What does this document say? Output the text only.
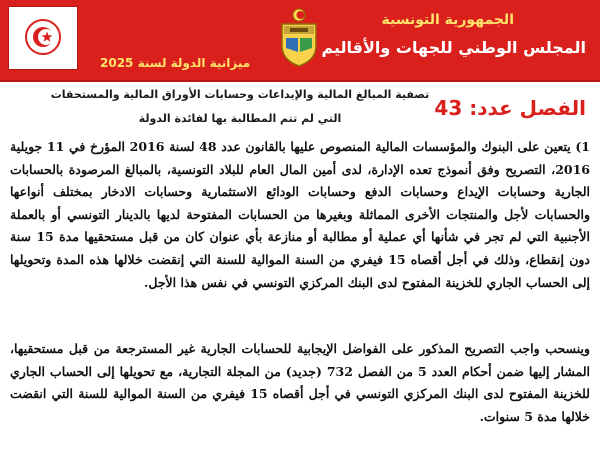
الجمهورية التونسية
المجلس الوطني للجهات والأقاليم
ميزانية الدولة لسنة 2025
الفصل عدد: 43
تصفية المبالغ المالية والإيداعات وحسابات الأوراق المالية والمستحقات
التي لم تتم المطالبة بها لفائدة الدولة

1) يتعين على البنوك والمؤسسات المالية المنصوص عليها بالقانون عدد 48 لسنة 2016 المؤرخ في 11 جويلية 2016، التصريح وفق أنموذج تعده الإدارة، لدى أمين المال العام للبلاد التونسية، بالمبالغ المرصودة بالحسابات الجارية وحسابات الإيداع وحسابات الدفع وحسابات الودائع الاستثمارية وحسابات الادخار بمختلف أنواعها والحسابات لأجل والمنتجات الأخرى المماثلة وبغيرها من الحسابات المفتوحة لديها بالدينار التونسي أو بالعملة الأجنبية التي لم تجر في شأنها أي عملية أو مطالبة أو منازعة بأي عنوان كان من قبل مستحقيها مدة 15 سنة دون إنقطاع، وذلك في أجل أقصاه 15 فيفري من السنة الموالية للسنة التي إنقضت خلالها هذه المدة وتحويلها إلى الحساب الجاري للخزينة المفتوح لدى البنك المركزي التونسي في نفس هذا الأجل.

وينسحب واجب التصريح المذكور على الفواضل الإيجابية للحسابات الجارية غير المسترجعة من قبل مستحقيها، المشار إليها ضمن أحكام العدد 5 من الفصل 732 (جديد) من المجلة التجارية، مع تحويلها إلى الحساب الجاري للخزينة المفتوح لدى البنك المركزي التونسي في أجل أقصاه 15 فيفري من السنة الموالية للسنة التي انقضت خلالها مدة 5 سنوات.
